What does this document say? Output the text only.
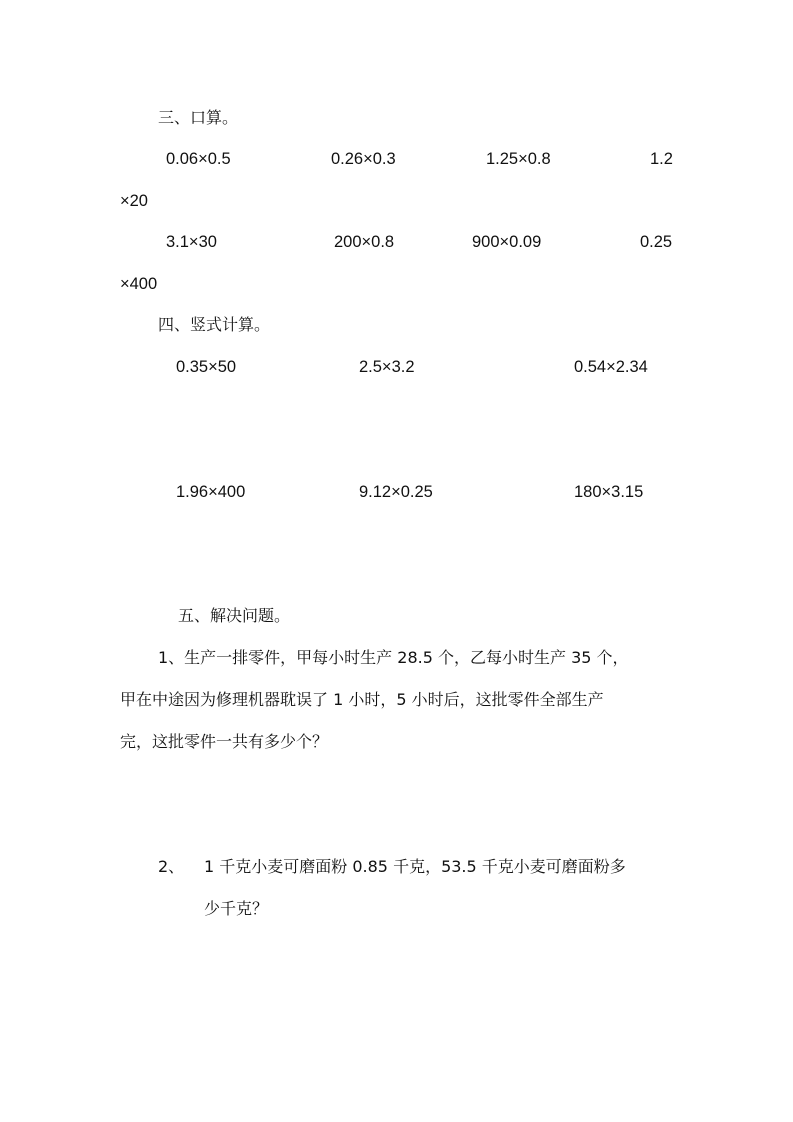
三、口算。
0.06×0.5	0.26×0.3	1.25×0.8	1.2
×20
3.1×30	200×0.8	900×0.09	0.25
×400
四、竖式计算。
0.35×50	2.5×3.2	0.54×2.34
1.96×400	9.12×0.25	180×3.15
五、解决问题。
1、生产一排零件，甲每小时生产 28.5 个，乙每小时生产 35 个，
甲在中途因为修理机器耽误了 1 小时，5 小时后，这批零件全部生产
完，这批零件一共有多少个？
2、 1 千克小麦可磨面粉 0.85 千克，53.5 千克小麦可磨面粉多
少千克？
